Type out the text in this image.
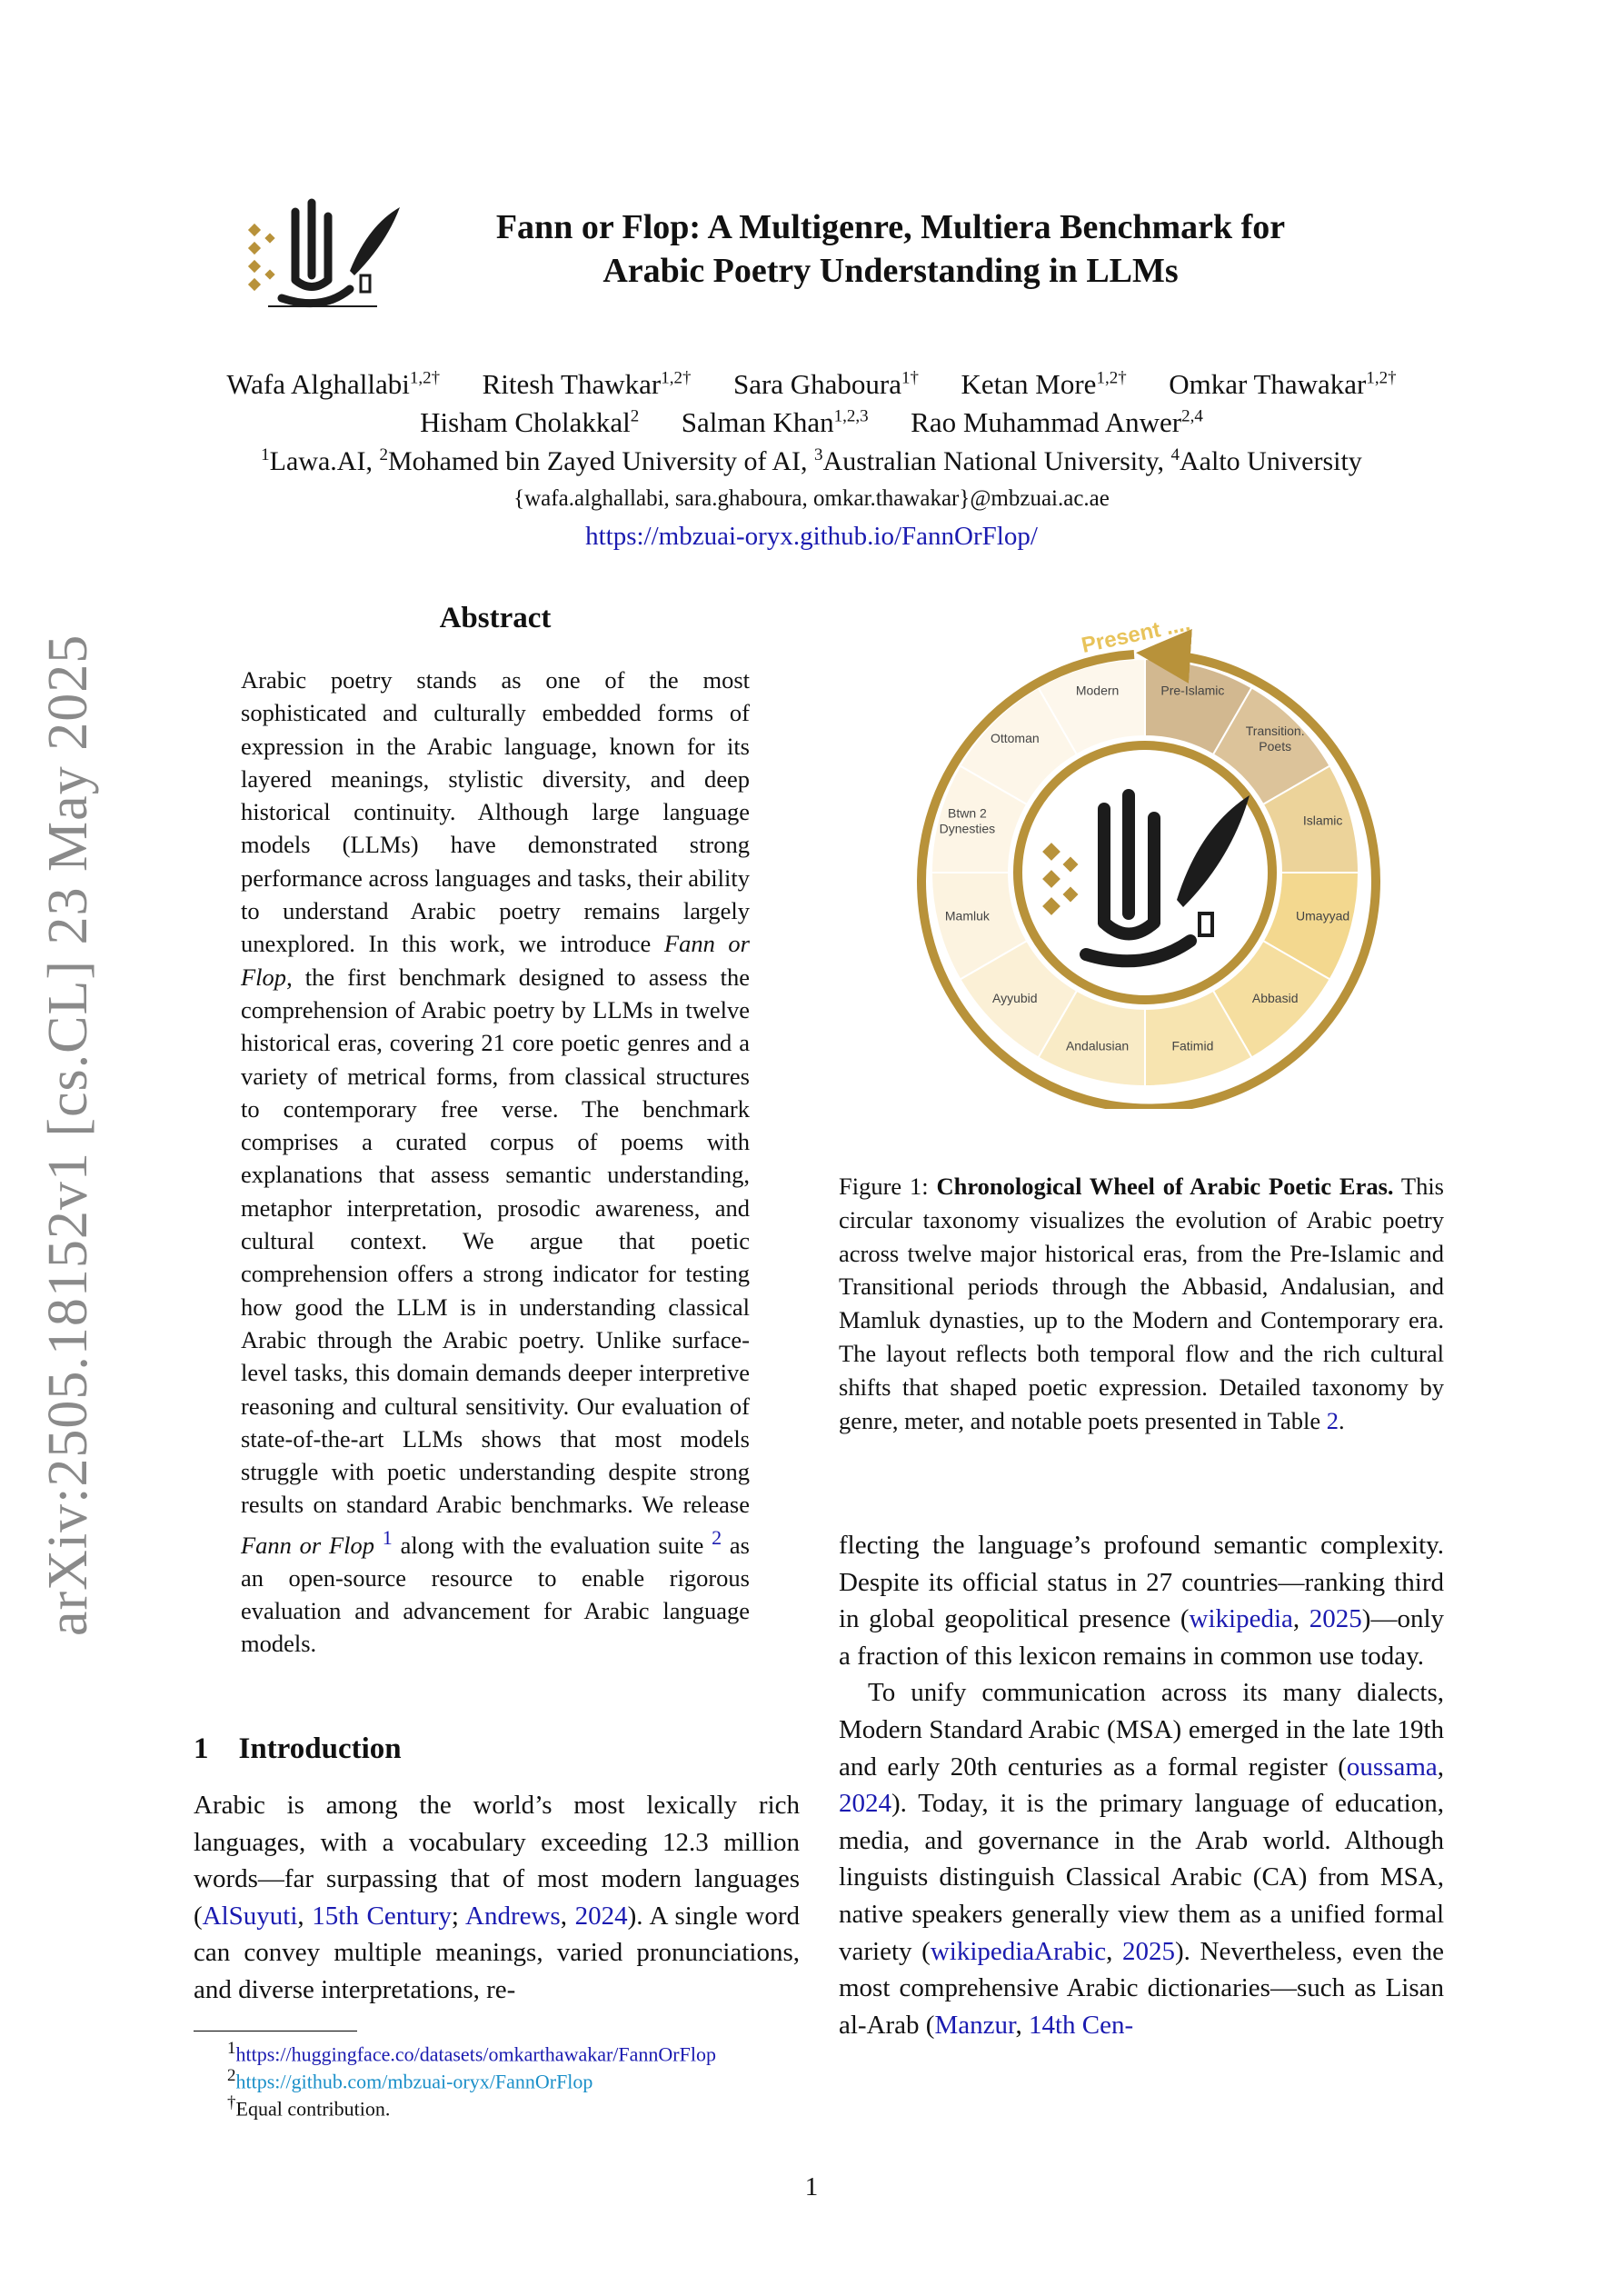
Fann or Flop: A Multigenre, Multiera Benchmark for
Arabic Poetry Understanding in LLMs
Wafa Alghallabi$^{1,2\dagger}$ Ritesh Thawkar$^{1,2\dagger}$ Sara Ghaboura$^{1\dagger}$ Ketan More$^{1,2\dagger}$ Omkar Thawakar$^{1,2\dagger}$
Hisham Cholakkal$^2$ Salman Khan$^{1,2,3}$ Rao Muhammad Anwer$^{2,4}$
$^1$Lawa.AI, $^2$Mohamed bin Zayed University of AI, $^3$Australian National University, $^4$Aalto University
{wafa.alghallabi, sara.ghaboura, omkar.thawakar}@mbzuai.ac.ae
https://mbzuai-oryx.github.io/FannOrFlop/
arXiv:2505.18152v1 [cs.CL] 23 May 2025
Abstract

Arabic poetry stands as one of the most sophisticated and culturally embedded forms of expression in the Arabic language, known for its layered meanings, stylistic diversity, and deep historical continuity. Although large language models (LLMs) have demonstrated strong performance across languages and tasks, their ability to understand Arabic poetry remains largely unexplored. In this work, we introduce Fann or Flop, the first benchmark designed to assess the comprehension of Arabic poetry by LLMs in twelve historical eras, covering 21 core poetic genres and a variety of metrical forms, from classical structures to contemporary free verse. The benchmark comprises a curated corpus of poems with explanations that assess semantic understanding, metaphor interpretation, prosodic awareness, and cultural context. We argue that poetic comprehension offers a strong indicator for testing how good the LLM is in understanding classical Arabic through the Arabic poetry. Unlike surface-level tasks, this domain demands deeper interpretive reasoning and cultural sensitivity. Our evaluation of state-of-the-art LLMs shows that most models struggle with poetic understanding despite strong results on standard Arabic benchmarks. We release Fann or Flop $^1$ along with the evaluation suite $^2$ as an open-source resource to enable rigorous evaluation and advancement for Arabic language models.

1    Introduction

Arabic is among the world’s most lexically rich languages, with a vocabulary exceeding 12.3 million words—far surpassing that of most modern languages (AlSuyuti, 15th Century; Andrews, 2024). A single word can convey multiple meanings, varied pronunciations, and diverse interpretations, re-

$^1$https://huggingface.co/datasets/omkarthawakar/FannOrFlop
$^2$https://github.com/mbzuai-oryx/FannOrFlop
†Equal contribution.
Present ....
Pre-Islamic
Transition. Poets
Islamic
Umayyad
Abbasid
Fatimid
Andalusian
Ayyubid
Mamluk
Btwn 2 Dynesties
Ottoman
Modern
Figure 1: Chronological Wheel of Arabic Poetic Eras. This circular taxonomy visualizes the evolution of Arabic poetry across twelve major historical eras, from the Pre-Islamic and Transitional periods through the Abbasid, Andalusian, and Mamluk dynasties, up to the Modern and Contemporary era. The layout reflects both temporal flow and the rich cultural shifts that shaped poetic expression. Detailed taxonomy by genre, meter, and notable poets presented in Table 2.

flecting the language’s profound semantic complexity. Despite its official status in 27 countries—ranking third in global geopolitical presence (wikipedia, 2025)—only a fraction of this lexicon remains in common use today.

To unify communication across its many dialects, Modern Standard Arabic (MSA) emerged in the late 19th and early 20th centuries as a formal register (oussama, 2024). Today, it is the primary language of education, media, and governance in the Arab world. Although linguists distinguish Classical Arabic (CA) from MSA, native speakers generally view them as a unified formal variety (wikipediaArabic, 2025). Nevertheless, even the most comprehensive Arabic dictionaries—such as Lisan al-Arab (Manzur, 14th Cen-

1
